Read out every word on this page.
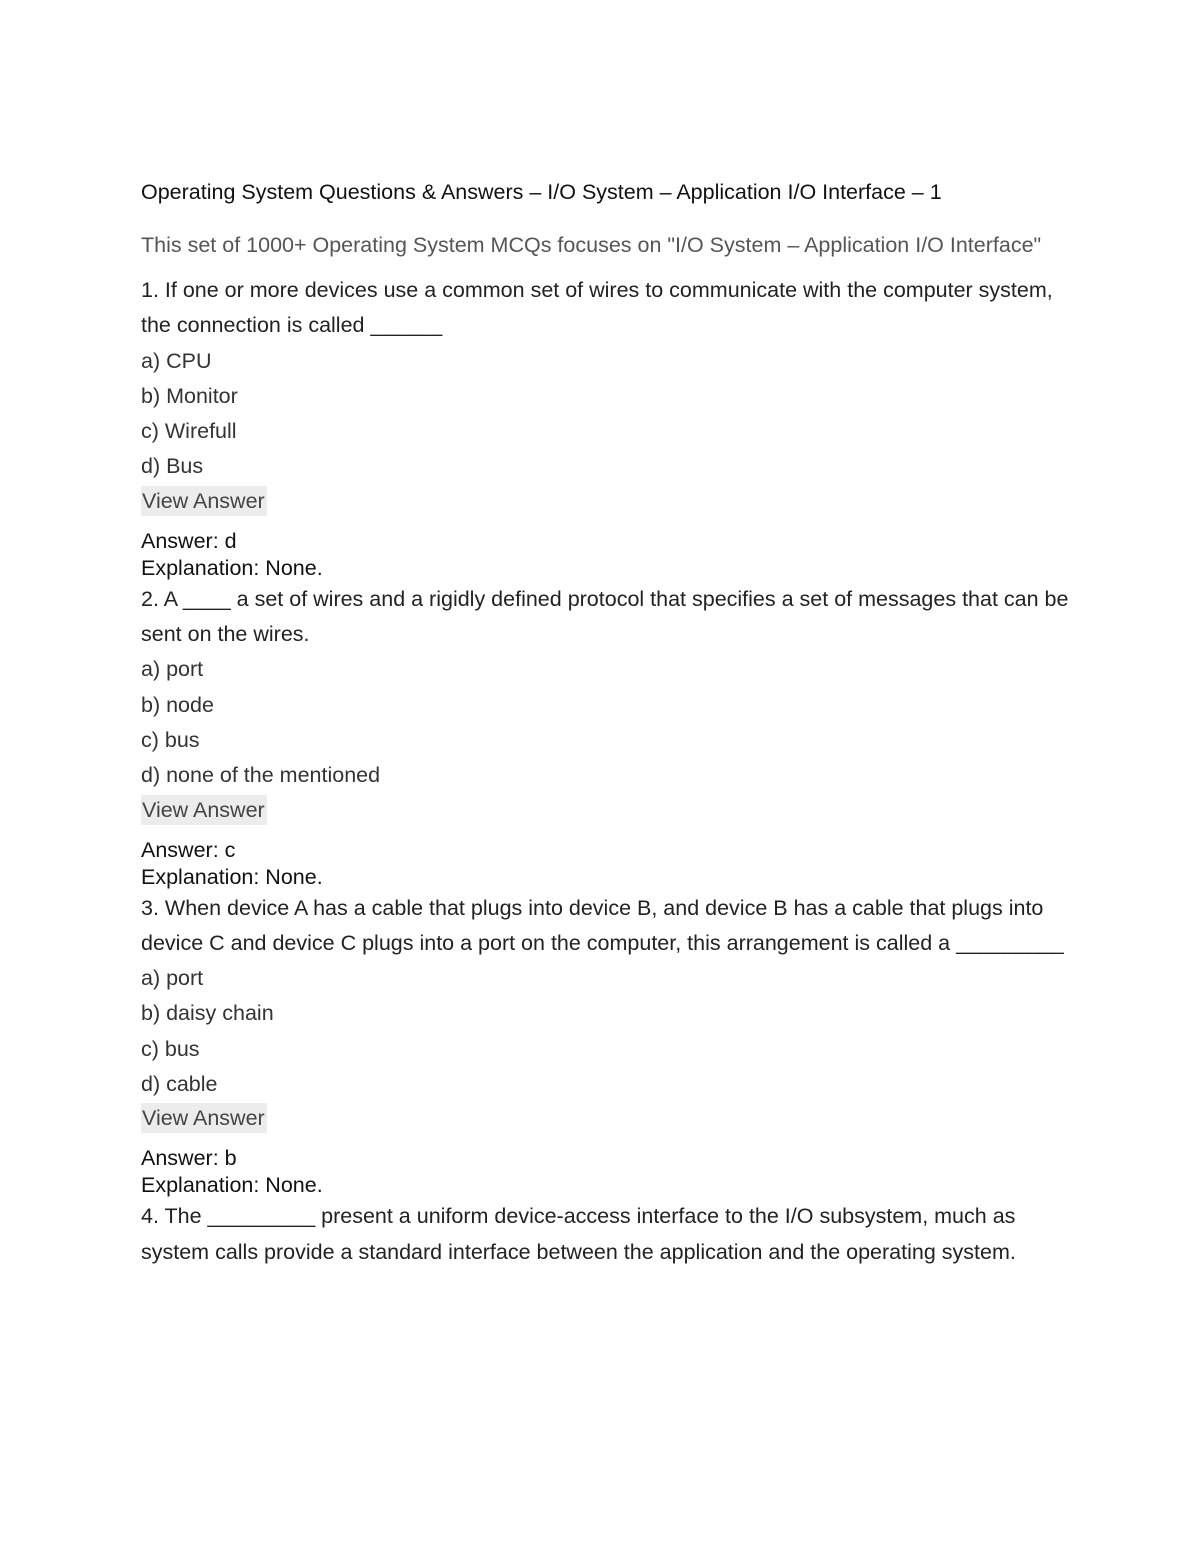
Operating System Questions & Answers – I/O System – Application I/O Interface – 1
This set of 1000+ Operating System MCQs focuses on "I/O System – Application I/O Interface"

1. If one or more devices use a common set of wires to communicate with the computer system, the connection is called ______

a) CPU
b) Monitor
c) Wirefull
d) Bus
View Answer
Answer: d
Explanation: None.

2. A ____ a set of wires and a rigidly defined protocol that specifies a set of messages that can be sent on the wires.

a) port
b) node
c) bus
d) none of the mentioned
View Answer
Answer: c
Explanation: None.

3. When device A has a cable that plugs into device B, and device B has a cable that plugs into device C and device C plugs into a port on the computer, this arrangement is called a _________

a) port
b) daisy chain
c) bus
d) cable
View Answer
Answer: b
Explanation: None.

4. The _________ present a uniform device-access interface to the I/O subsystem, much as system calls provide a standard interface between the application and the operating system.
